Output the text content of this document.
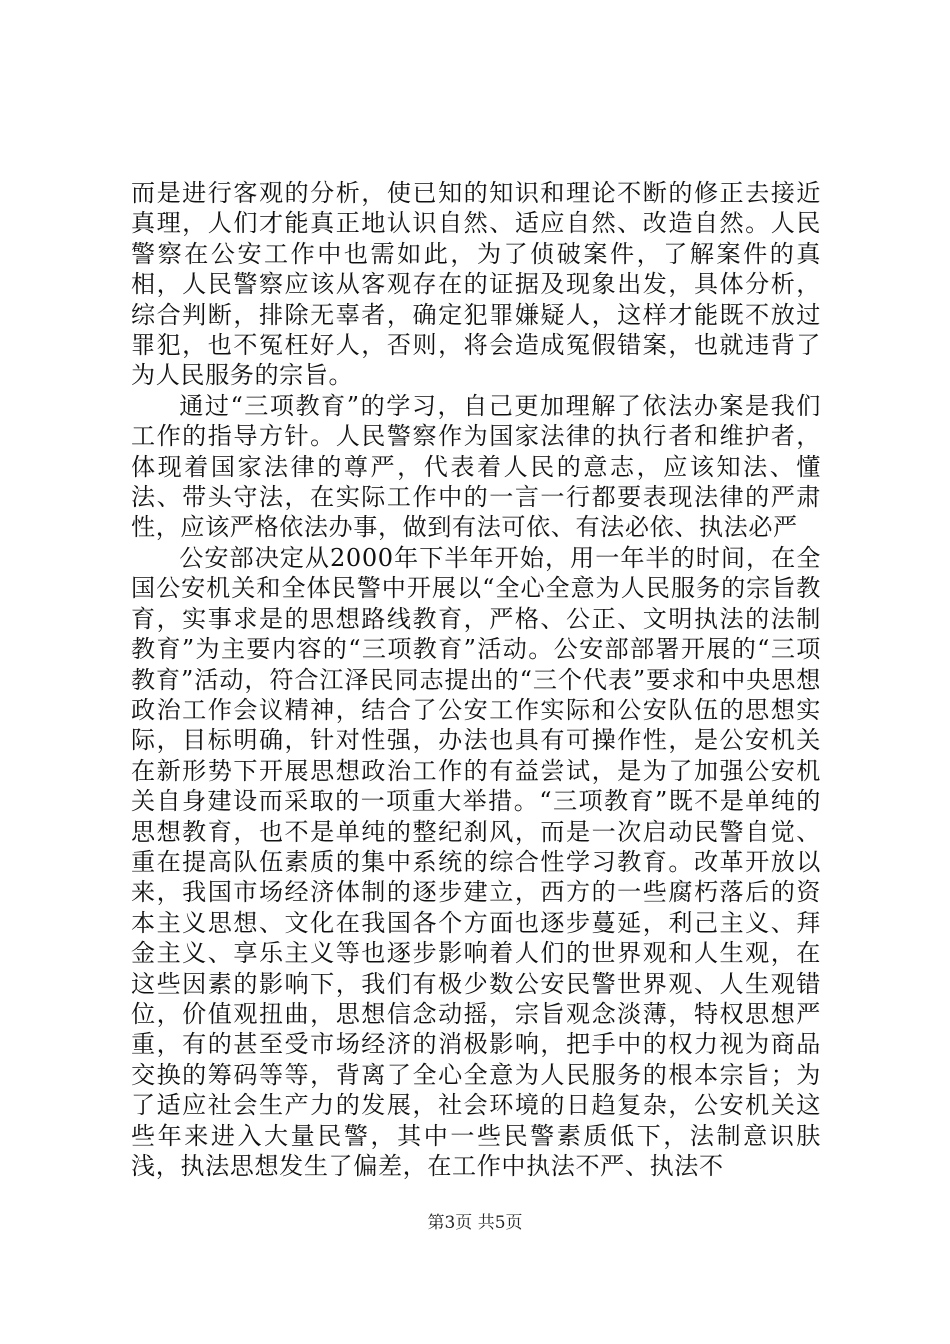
而是进行客观的分析，使已知的知识和理论不断的修正去接近真理，人们才能真正地认识自然、适应自然、改造自然。人民警察在公安工作中也需如此，为了侦破案件，了解案件的真相，人民警察应该从客观存在的证据及现象出发，具体分析，综合判断，排除无辜者，确定犯罪嫌疑人，这样才能既不放过罪犯，也不冤枉好人，否则，将会造成冤假错案，也就违背了为人民服务的宗旨。

通过“三项教育”的学习，自己更加理解了依法办案是我们工作的指导方针。人民警察作为国家法律的执行者和维护者，体现着国家法律的尊严，代表着人民的意志，应该知法、懂法、带头守法，在实际工作中的一言一行都要表现法律的严肃性，应该严格依法办事，做到有法可依、有法必依、执法必严

公安部决定从2000年下半年开始，用一年半的时间，在全国公安机关和全体民警中开展以“全心全意为人民服务的宗旨教育，实事求是的思想路线教育，严格、公正、文明执法的法制教育”为主要内容的“三项教育”活动。公安部部署开展的“三项教育”活动，符合江泽民同志提出的“三个代表”要求和中央思想政治工作会议精神，结合了公安工作实际和公安队伍的思想实际，目标明确，针对性强，办法也具有可操作性，是公安机关在新形势下开展思想政治工作的有益尝试，是为了加强公安机关自身建设而采取的一项重大举措。“三项教育”既不是单纯的思想教育，也不是单纯的整纪刹风，而是一次启动民警自觉、重在提高队伍素质的集中系统的综合性学习教育。改革开放以来，我国市场经济体制的逐步建立，西方的一些腐朽落后的资本主义思想、文化在我国各个方面也逐步蔓延，利己主义、拜金主义、享乐主义等也逐步影响着人们的世界观和人生观，在这些因素的影响下，我们有极少数公安民警世界观、人生观错位，价值观扭曲，思想信念动摇，宗旨观念淡薄，特权思想严重，有的甚至受市场经济的消极影响，把手中的权力视为商品交换的筹码等等，背离了全心全意为人民服务的根本宗旨；为了适应社会生产力的发展，社会环境的日趋复杂，公安机关这些年来进入大量民警，其中一些民警素质低下，法制意识肤浅，执法思想发生了偏差，在工作中执法不严、执法不

第3页 共5页
